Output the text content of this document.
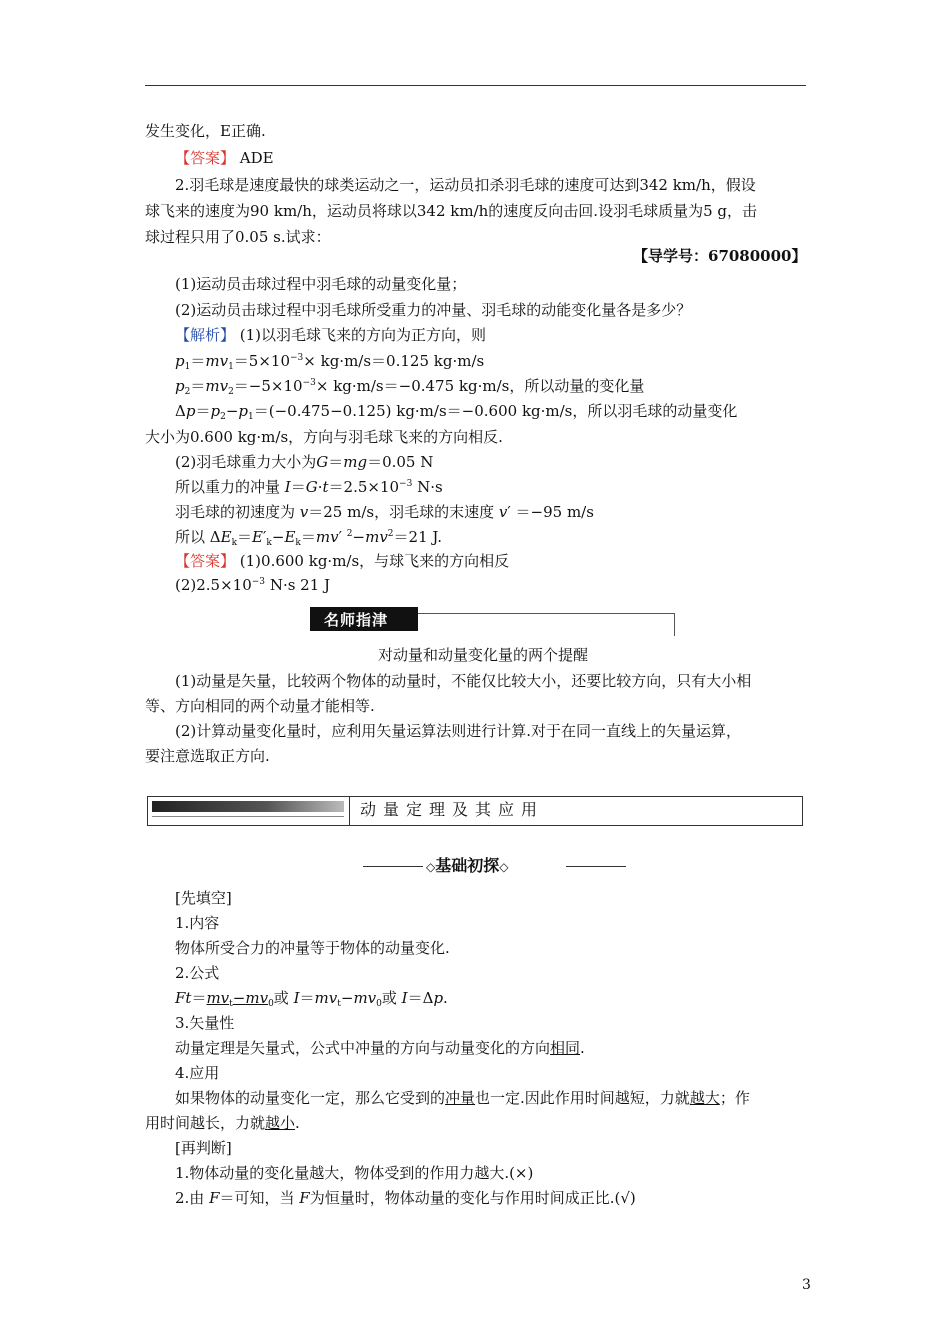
发生变化，E正确.
【答案】 ADE
2.羽毛球是速度最快的球类运动之一，运动员扣杀羽毛球的速度可达到342 km/h，假设
球飞来的速度为90 km/h，运动员将球以342 km/h的速度反向击回.设羽毛球质量为5 g，击
球过程只用了0.05 s.试求：
【导学号：67080000】
(1)运动员击球过程中羽毛球的动量变化量；
(2)运动员击球过程中羽毛球所受重力的冲量、羽毛球的动能变化量各是多少？
【解析】 (1)以羽毛球飞来的方向为正方向，则
$p_1=mv_1=5\times 10^{-3}\times kg\cdot m/s=0.125$ kg·m/s
$p_2=mv_2=-5\times 10^{-3}\times kg\cdot m/s=-0.475$ kg·m/s，所以动量的变化量
$\Delta p=p_2-p_1=(-0.475-0.125)$ kg·m/s＝−0.600 kg·m/s，所以羽毛球的动量变化
大小为0.600 kg·m/s，方向与羽毛球飞来的方向相反.
(2)羽毛球重力大小为G＝mg＝0.05 N
所以重力的冲量 $I=G\cdot t=2.5\times 10^{-3}$ N·s
羽毛球的初速度为 v＝25 m/s，羽毛球的末速度 v′ ＝−95 m/s
所以 $\Delta E_k=E'_k-E_k=mv'$ $^2-mv^2=21$ J.
【答案】 (1)0.600 kg·m/s，与球飞来的方向相反
$(2)2.5\times 10^{-3}$ N·s 21 J
名师指津
对动量和动量变化量的两个提醒
(1)动量是矢量，比较两个物体的动量时，不能仅比较大小，还要比较方向，只有大小相
等、方向相同的两个动量才能相等.
(2)计算动量变化量时，应利用矢量运算法则进行计算.对于在同一直线上的矢量运算，
要注意选取正方向.
动量定理及其应用
◇基础初探◇
[先填空]
1.内容
物体所受合力的冲量等于物体的动量变化.
2.公式
$Ft=mv_t-mv_0$或 $I=mv_t-mv_0$或 I＝Δp.
3.矢量性
动量定理是矢量式，公式中冲量的方向与动量变化的方向相同.
4.应用
如果物体的动量变化一定，那么它受到的冲量也一定.因此作用时间越短，力就越大；作
用时间越长，力就越小.
[再判断]
1.物体动量的变化量越大，物体受到的作用力越大.(×)
2.由 F＝可知，当 F为恒量时，物体动量的变化与作用时间成正比.(√)
3
